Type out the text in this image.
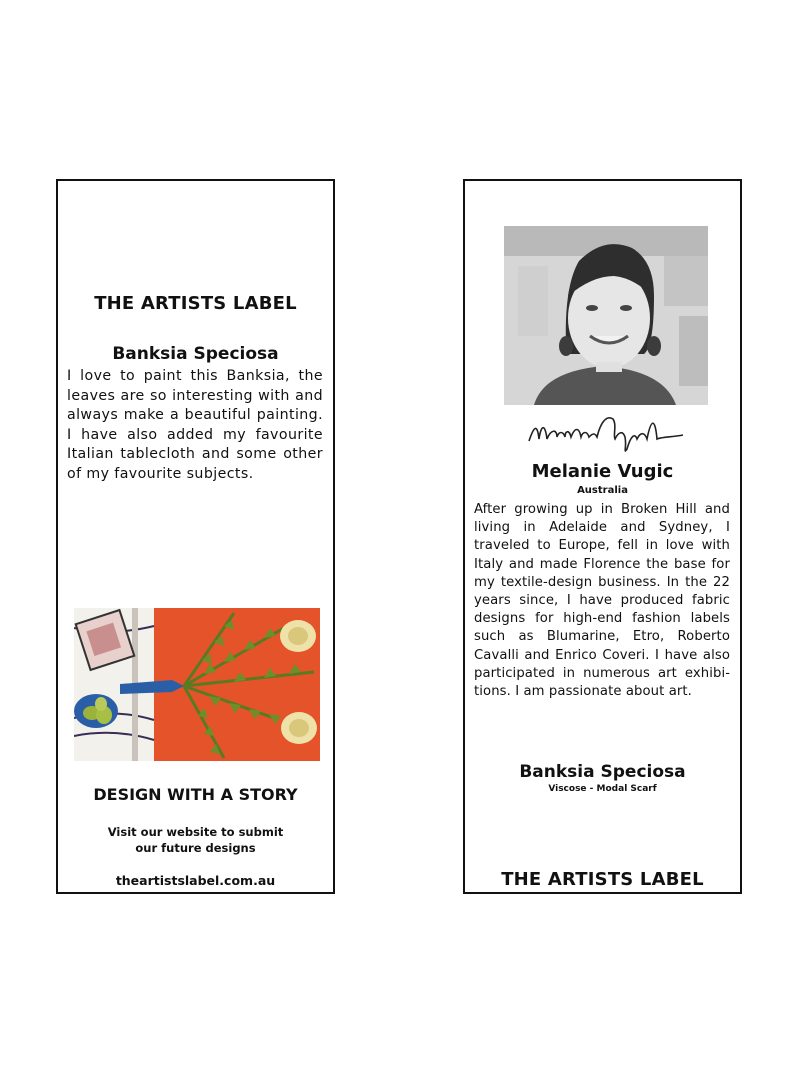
THE ARTISTS LABEL
Banksia Speciosa
I love to paint this Banksia, the leaves are so interesting with and always make a beautiful painting. I have also added my favourite Italian tablecloth and some other of my favourite subjects.
DESIGN WITH A STORY
Visit our website to submit
our future designs
theartistslabel.com.au
Melanie Vugic
Australia
After growing up in Broken Hill and living in Adelaide and Sydney, I traveled to Europe, fell in love with Italy and made Florence the base for my textile-design business. In the 22 years since, I have produced fabric designs for high-end fashion labels such as Blumarine, Etro, Roberto Cavalli and Enrico Coveri. I have also participated in numerous art exhibitions. I am passionate about art.
Banksia Speciosa
Viscose - Modal Scarf
THE ARTISTS LABEL
